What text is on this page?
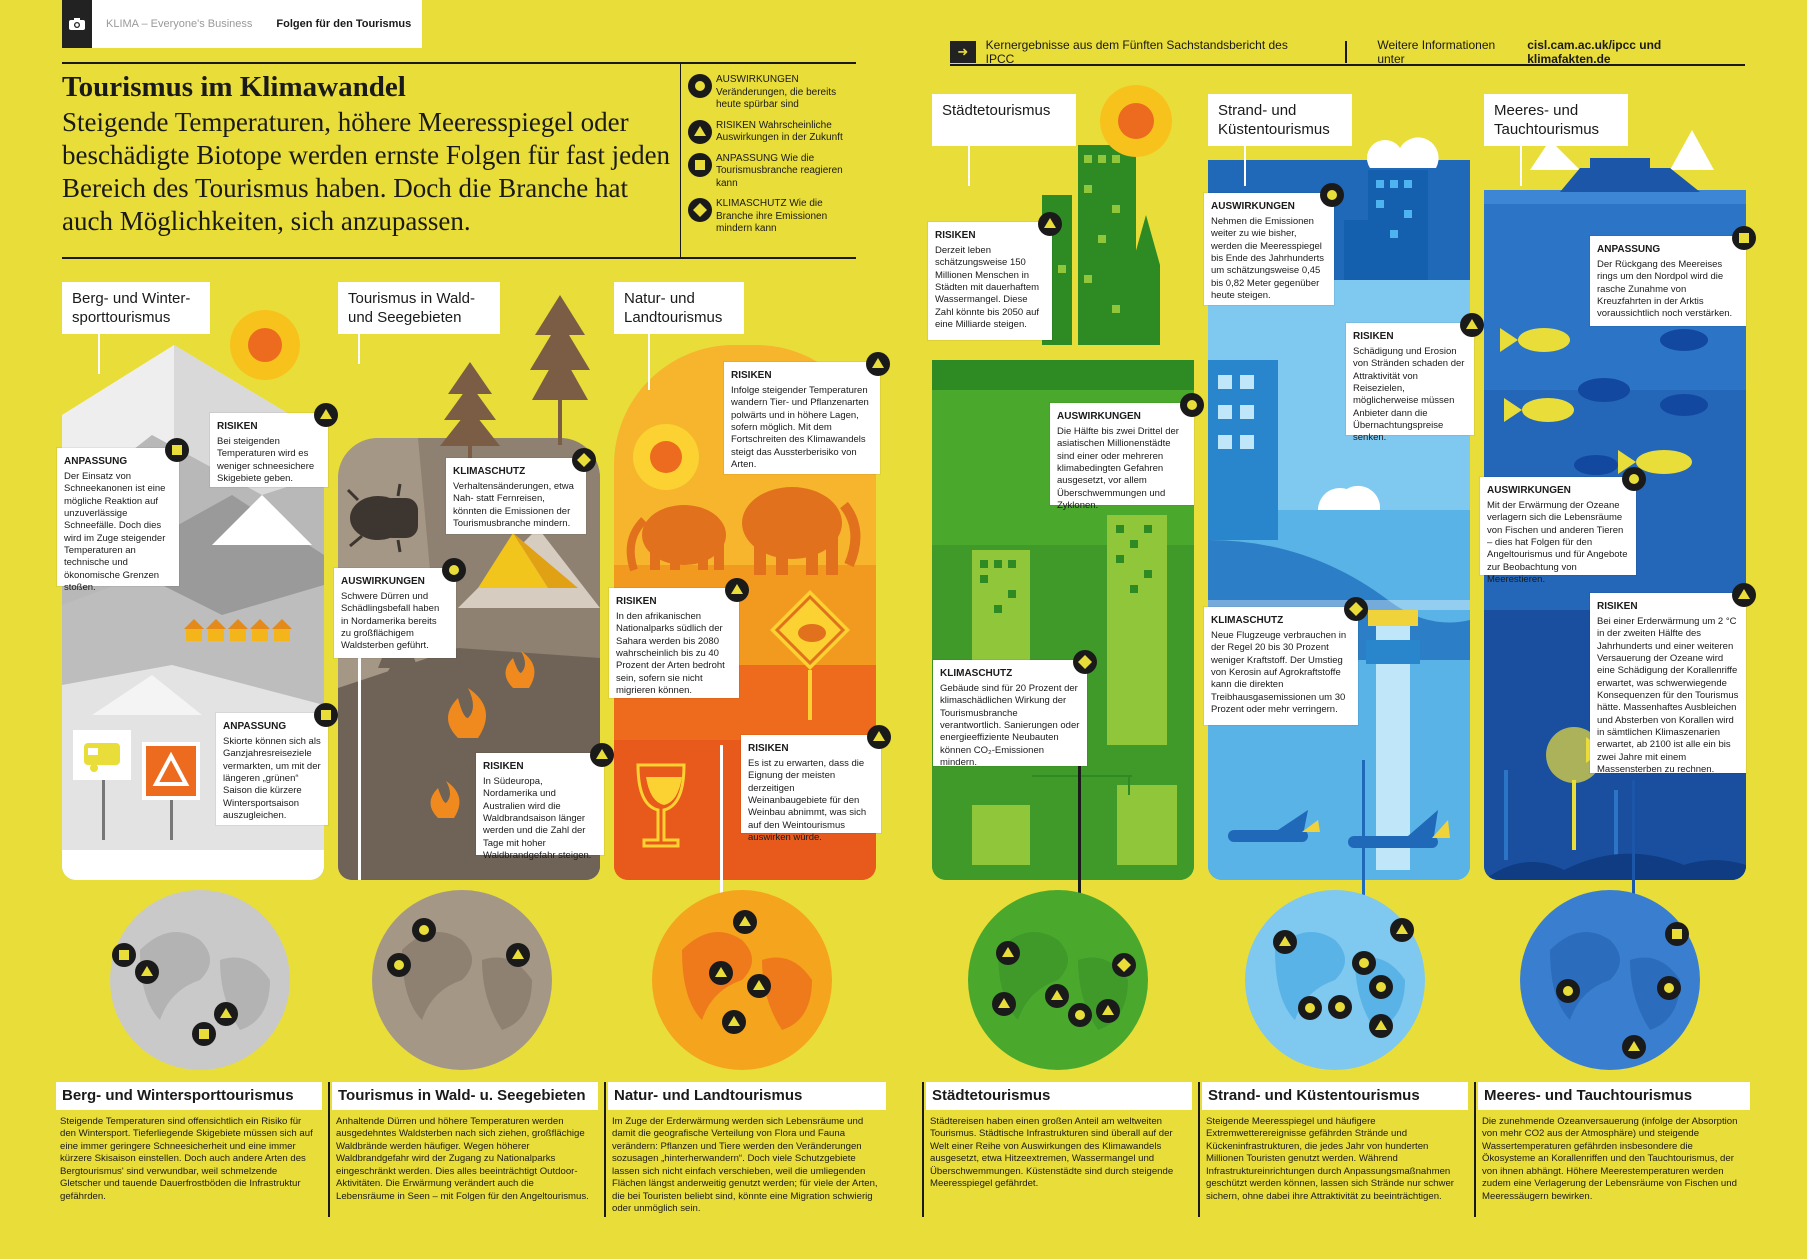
KLIMA – Everyone's Business Folgen für den Tourismus
Tourismus im Klimawandel

Steigende Temperaturen, höhere Meeresspiegel oder beschädigte Biotope werden ernste Folgen für fast jeden Bereich des Tourismus haben. Doch die Branche hat auch Möglichkeiten, sich anzupassen.

AUSWIRKUNGEN Veränderungen, die bereits heute spürbar sind
RISIKEN Wahrscheinliche Auswirkungen in der Zukunft
ANPASSUNG Wie die Tourismusbranche reagieren kann
KLIMASCHUTZ Wie die Branche ihre Emissionen mindern kann
➜	Kernergebnisse aus dem Fünften Sachstandsbericht des IPCC
Weitere Informationen unter

cisl.cam.ac.uk/ipcc und klimafakten.de
Berg- und Wintersporttourismus
RISIKEN
Bei steigenden Temperaturen wird es weniger schneesichere Skigebiete geben.
ANPASSUNG
Der Einsatz von Schneekanonen ist eine mögliche Reaktion auf unzuverlässige Schneefälle. Doch dies wird im Zuge steigender Temperaturen an technische und ökonomische Grenzen stoßen.
ANPASSUNG
Skiorte können sich als Ganzjahresreiseziele vermarkten, um mit der längeren „grünen“ Saison die kürzere Wintersportsaison auszugleichen.
Tourismus in Wald- und Seegebieten
KLIMASCHUTZ
Verhaltensänderungen, etwa Nah- statt Fernreisen, könnten die Emissionen der Tourismusbranche mindern.
AUSWIRKUNGEN
Schwere Dürren und Schädlingsbefall haben in Nordamerika bereits zu großflächigem Waldsterben geführt.
RISIKEN
In Südeuropa, Nordamerika und Australien wird die Waldbrandsaison länger werden und die Zahl der Tage mit hoher Waldbrandgefahr steigen.
Natur- und Landtourismus
RISIKEN
Infolge steigender Temperaturen wandern Tier- und Pflanzenarten polwärts und in höhere Lagen, sofern möglich. Mit dem Fortschreiten des Klimawandels steigt das Aussterberisiko von Arten.
RISIKEN
In den afrikanischen Nationalparks südlich der Sahara werden bis 2080 wahrscheinlich bis zu 40 Prozent der Arten bedroht sein, sofern sie nicht migrieren können.
RISIKEN
Es ist zu erwarten, dass die Eignung der meisten derzeitigen Weinanbaugebiete für den Weinbau abnimmt, was sich auf den Weintourismus auswirken würde.
Städtetourismus
RISIKEN
Derzeit leben schätzungsweise 150 Millionen Menschen in Städten mit dauerhaftem Wassermangel. Diese Zahl könnte bis 2050 auf eine Milliarde steigen.
AUSWIRKUNGEN
Die Hälfte bis zwei Drittel der asiatischen Millionenstädte sind einer oder mehreren klimabedingten Gefahren ausgesetzt, vor allem Überschwemmungen und Zyklonen.
KLIMASCHUTZ
Gebäude sind für 20 Prozent der klimaschädlichen Wirkung der Tourismusbranche verantwortlich. Sanierungen oder energieeffiziente Neubauten können CO₂-Emissionen mindern.
Strand- und Küstentourismus
AUSWIRKUNGEN
Nehmen die Emissionen weiter zu wie bisher, werden die Meeresspiegel bis Ende des Jahrhunderts um schätzungsweise 0,45 bis 0,82 Meter gegenüber heute steigen.
RISIKEN
Schädigung und Erosion von Stränden schaden der Attraktivität von Reisezielen, möglicherweise müssen Anbieter dann die Übernachtungspreise senken.
KLIMASCHUTZ
Neue Flugzeuge verbrauchen in der Regel 20 bis 30 Prozent weniger Kraftstoff. Der Umstieg von Kerosin auf Agrokraftstoffe kann die direkten Treibhausgasemissionen um 30 Prozent oder mehr verringern.
Meeres- und Tauchtourismus
ANPASSUNG
Der Rückgang des Meereises rings um den Nordpol wird die rasche Zunahme von Kreuzfahrten in der Arktis voraussichtlich noch verstärken.
AUSWIRKUNGEN
Mit der Erwärmung der Ozeane verlagern sich die Lebensräume von Fischen und anderen Tieren – dies hat Folgen für den Angeltourismus und für Angebote zur Beobachtung von Meerestieren.
RISIKEN
Bei einer Erderwärmung um 2 °C in der zweiten Hälfte des Jahrhunderts und einer weiteren Versauerung der Ozeane wird eine Schädigung der Korallenriffe erwartet, was schwerwiegende Konsequenzen für den Tourismus hätte. Massenhaftes Ausbleichen und Absterben von Korallen wird in sämtlichen Klimaszenarien erwartet, ab 2100 ist alle ein bis zwei Jahre mit einem Massensterben zu rechnen.
Berg- und Wintersporttourismus
Steigende Temperaturen sind offensichtlich ein Risiko für den Wintersport. Tieferliegende Skigebiete müssen sich auf eine immer geringere Schneesicherheit und eine immer kürzere Skisaison einstellen. Doch auch andere Arten des Bergtourismus' sind verwundbar, weil schmelzende Gletscher und tauende Dauerfrostböden die Infrastruktur gefährden.
Tourismus in Wald- u. Seegebieten
Anhaltende Dürren und höhere Temperaturen werden ausgedehntes Waldsterben nach sich ziehen, großflächige Waldbrände werden häufiger. Wegen höherer Waldbrandgefahr wird der Zugang zu Nationalparks eingeschränkt werden. Dies alles beeinträchtigt Outdoor-Aktivitäten. Die Erwärmung verändert auch die Lebensräume in Seen – mit Folgen für den Angeltourismus.
Natur- und Landtourismus
Im Zuge der Erderwärmung werden sich Lebensräume und damit die geografische Verteilung von Flora und Fauna verändern: Pflanzen und Tiere werden den Veränderungen sozusagen „hinterherwandern“. Doch viele Schutzgebiete lassen sich nicht einfach verschieben, weil die umliegenden Flächen längst anderweitig genutzt werden; für viele der Arten, die bei Touristen beliebt sind, könnte eine Migration schwierig oder unmöglich sein.
Städtetourismus
Städtereisen haben einen großen Anteil am weltweiten Tourismus. Städtische Infrastrukturen sind überall auf der Welt einer Reihe von Auswirkungen des Klimawandels ausgesetzt, etwa Hitzeextremen, Wassermangel und Überschwemmungen. Küstenstädte sind durch steigende Meeresspiegel gefährdet.
Strand- und Küstentourismus
Steigende Meeresspiegel und häufigere Extremwetterereignisse gefährden Strände und Kückeninfrastrukturen, die jedes Jahr von hunderten Millionen Touristen genutzt werden. Während Infrastruktureinrichtungen durch Anpassungsmaßnahmen geschützt werden können, lassen sich Strände nur schwer sichern, ohne dabei ihre Attraktivität zu beeinträchtigen.
Meeres- und Tauchtourismus
Die zunehmende Ozeanversauerung (infolge der Absorption von mehr CO2 aus der Atmosphäre) und steigende Wassertemperaturen gefährden insbesondere die Ökosysteme an Korallenriffen und den Tauchtourismus, der von ihnen abhängt. Höhere Meerestemperaturen werden zudem eine Verlagerung der Lebensräume von Fischen und Meeressäugern bewirken.
